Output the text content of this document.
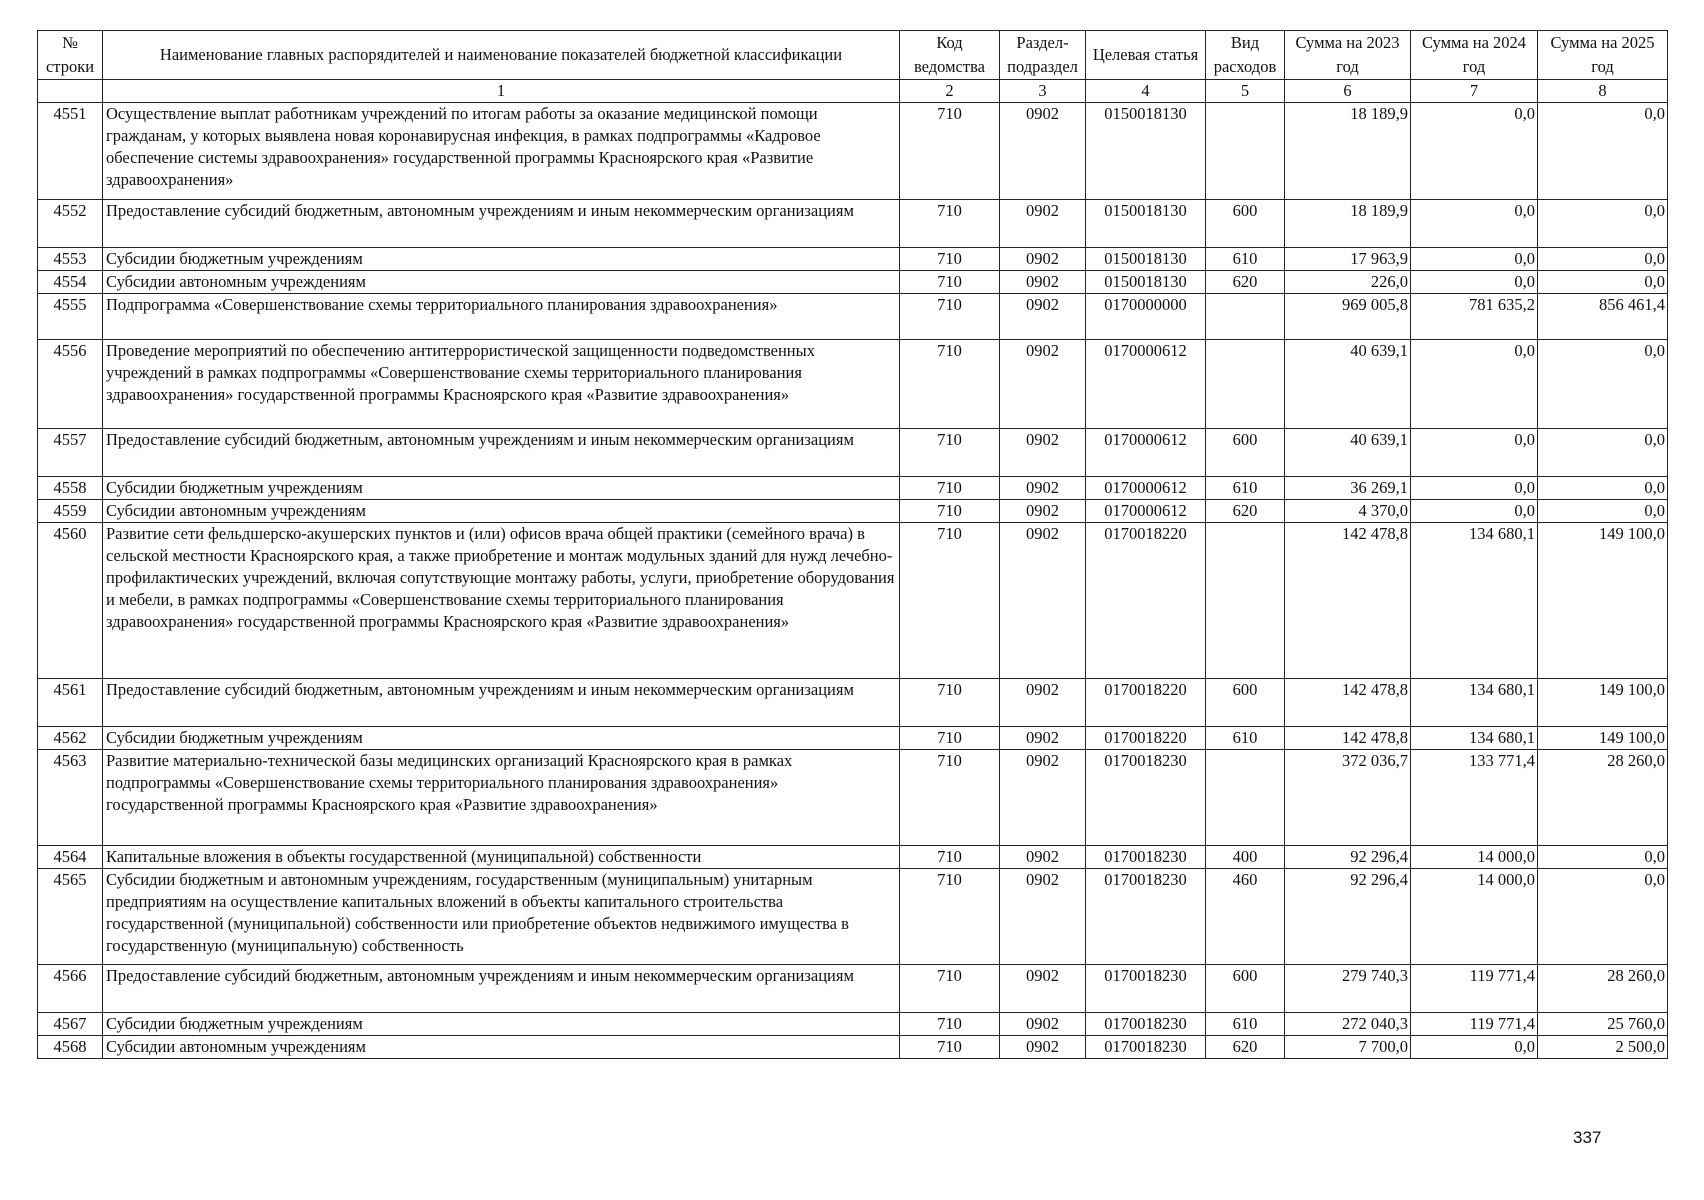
№ строки	Наименование главных распорядителей и наименование показателей бюджетной классификации	Код ведомства	Раздел-подраздел	Целевая статья	Вид расходов	Сумма на 2023 год	Сумма на 2024 год	Сумма на 2025 год
	1	2	3	4	5	6	7	8
4551	Осуществление выплат работникам учреждений по итогам работы за оказание медицинской помощи гражданам, у которых выявлена новая коронавирусная инфекция, в рамках подпрограммы «Кадровое обеспечение системы здравоохранения» государственной программы Красноярского края «Развитие здравоохранения»	710	0902	0150018130		18 189,9	0,0	0,0
4552	Предоставление субсидий бюджетным, автономным учреждениям и иным некоммерческим организациям	710	0902	0150018130	600	18 189,9	0,0	0,0
4553	Субсидии бюджетным учреждениям	710	0902	0150018130	610	17 963,9	0,0	0,0
4554	Субсидии автономным учреждениям	710	0902	0150018130	620	226,0	0,0	0,0
4555	Подпрограмма «Совершенствование схемы территориального планирования здравоохранения»	710	0902	0170000000		969 005,8	781 635,2	856 461,4
4556	Проведение мероприятий по обеспечению антитеррористической защищенности подведомственных учреждений в рамках подпрограммы «Совершенствование схемы территориального планирования здравоохранения» государственной программы Красноярского края «Развитие здравоохранения»	710	0902	0170000612		40 639,1	0,0	0,0
4557	Предоставление субсидий бюджетным, автономным учреждениям и иным некоммерческим организациям	710	0902	0170000612	600	40 639,1	0,0	0,0
4558	Субсидии бюджетным учреждениям	710	0902	0170000612	610	36 269,1	0,0	0,0
4559	Субсидии автономным учреждениям	710	0902	0170000612	620	4 370,0	0,0	0,0
4560	Развитие сети фельдшерско-акушерских пунктов и (или) офисов врача общей практики (семейного врача) в сельской местности Красноярского края, а также приобретение и монтаж модульных зданий для нужд лечебно-профилактических учреждений, включая сопутствующие монтажу работы, услуги, приобретение оборудования и мебели, в рамках подпрограммы «Совершенствование схемы территориального планирования здравоохранения» государственной программы Красноярского края «Развитие здравоохранения»	710	0902	0170018220		142 478,8	134 680,1	149 100,0
4561	Предоставление субсидий бюджетным, автономным учреждениям и иным некоммерческим организациям	710	0902	0170018220	600	142 478,8	134 680,1	149 100,0
4562	Субсидии бюджетным учреждениям	710	0902	0170018220	610	142 478,8	134 680,1	149 100,0
4563	Развитие материально-технической базы медицинских организаций Красноярского края в рамках подпрограммы «Совершенствование схемы территориального планирования здравоохранения» государственной программы Красноярского края «Развитие здравоохранения»	710	0902	0170018230		372 036,7	133 771,4	28 260,0
4564	Капитальные вложения в объекты государственной (муниципальной) собственности	710	0902	0170018230	400	92 296,4	14 000,0	0,0
4565	Субсидии бюджетным и автономным учреждениям, государственным (муниципальным) унитарным предприятиям на осуществление капитальных вложений в объекты капитального строительства государственной (муниципальной) собственности или приобретение объектов недвижимого имущества в государственную (муниципальную) собственность	710	0902	0170018230	460	92 296,4	14 000,0	0,0
4566	Предоставление субсидий бюджетным, автономным учреждениям и иным некоммерческим организациям	710	0902	0170018230	600	279 740,3	119 771,4	28 260,0
4567	Субсидии бюджетным учреждениям	710	0902	0170018230	610	272 040,3	119 771,4	25 760,0
4568	Субсидии автономным учреждениям	710	0902	0170018230	620	7 700,0	0,0	2 500,0
337
